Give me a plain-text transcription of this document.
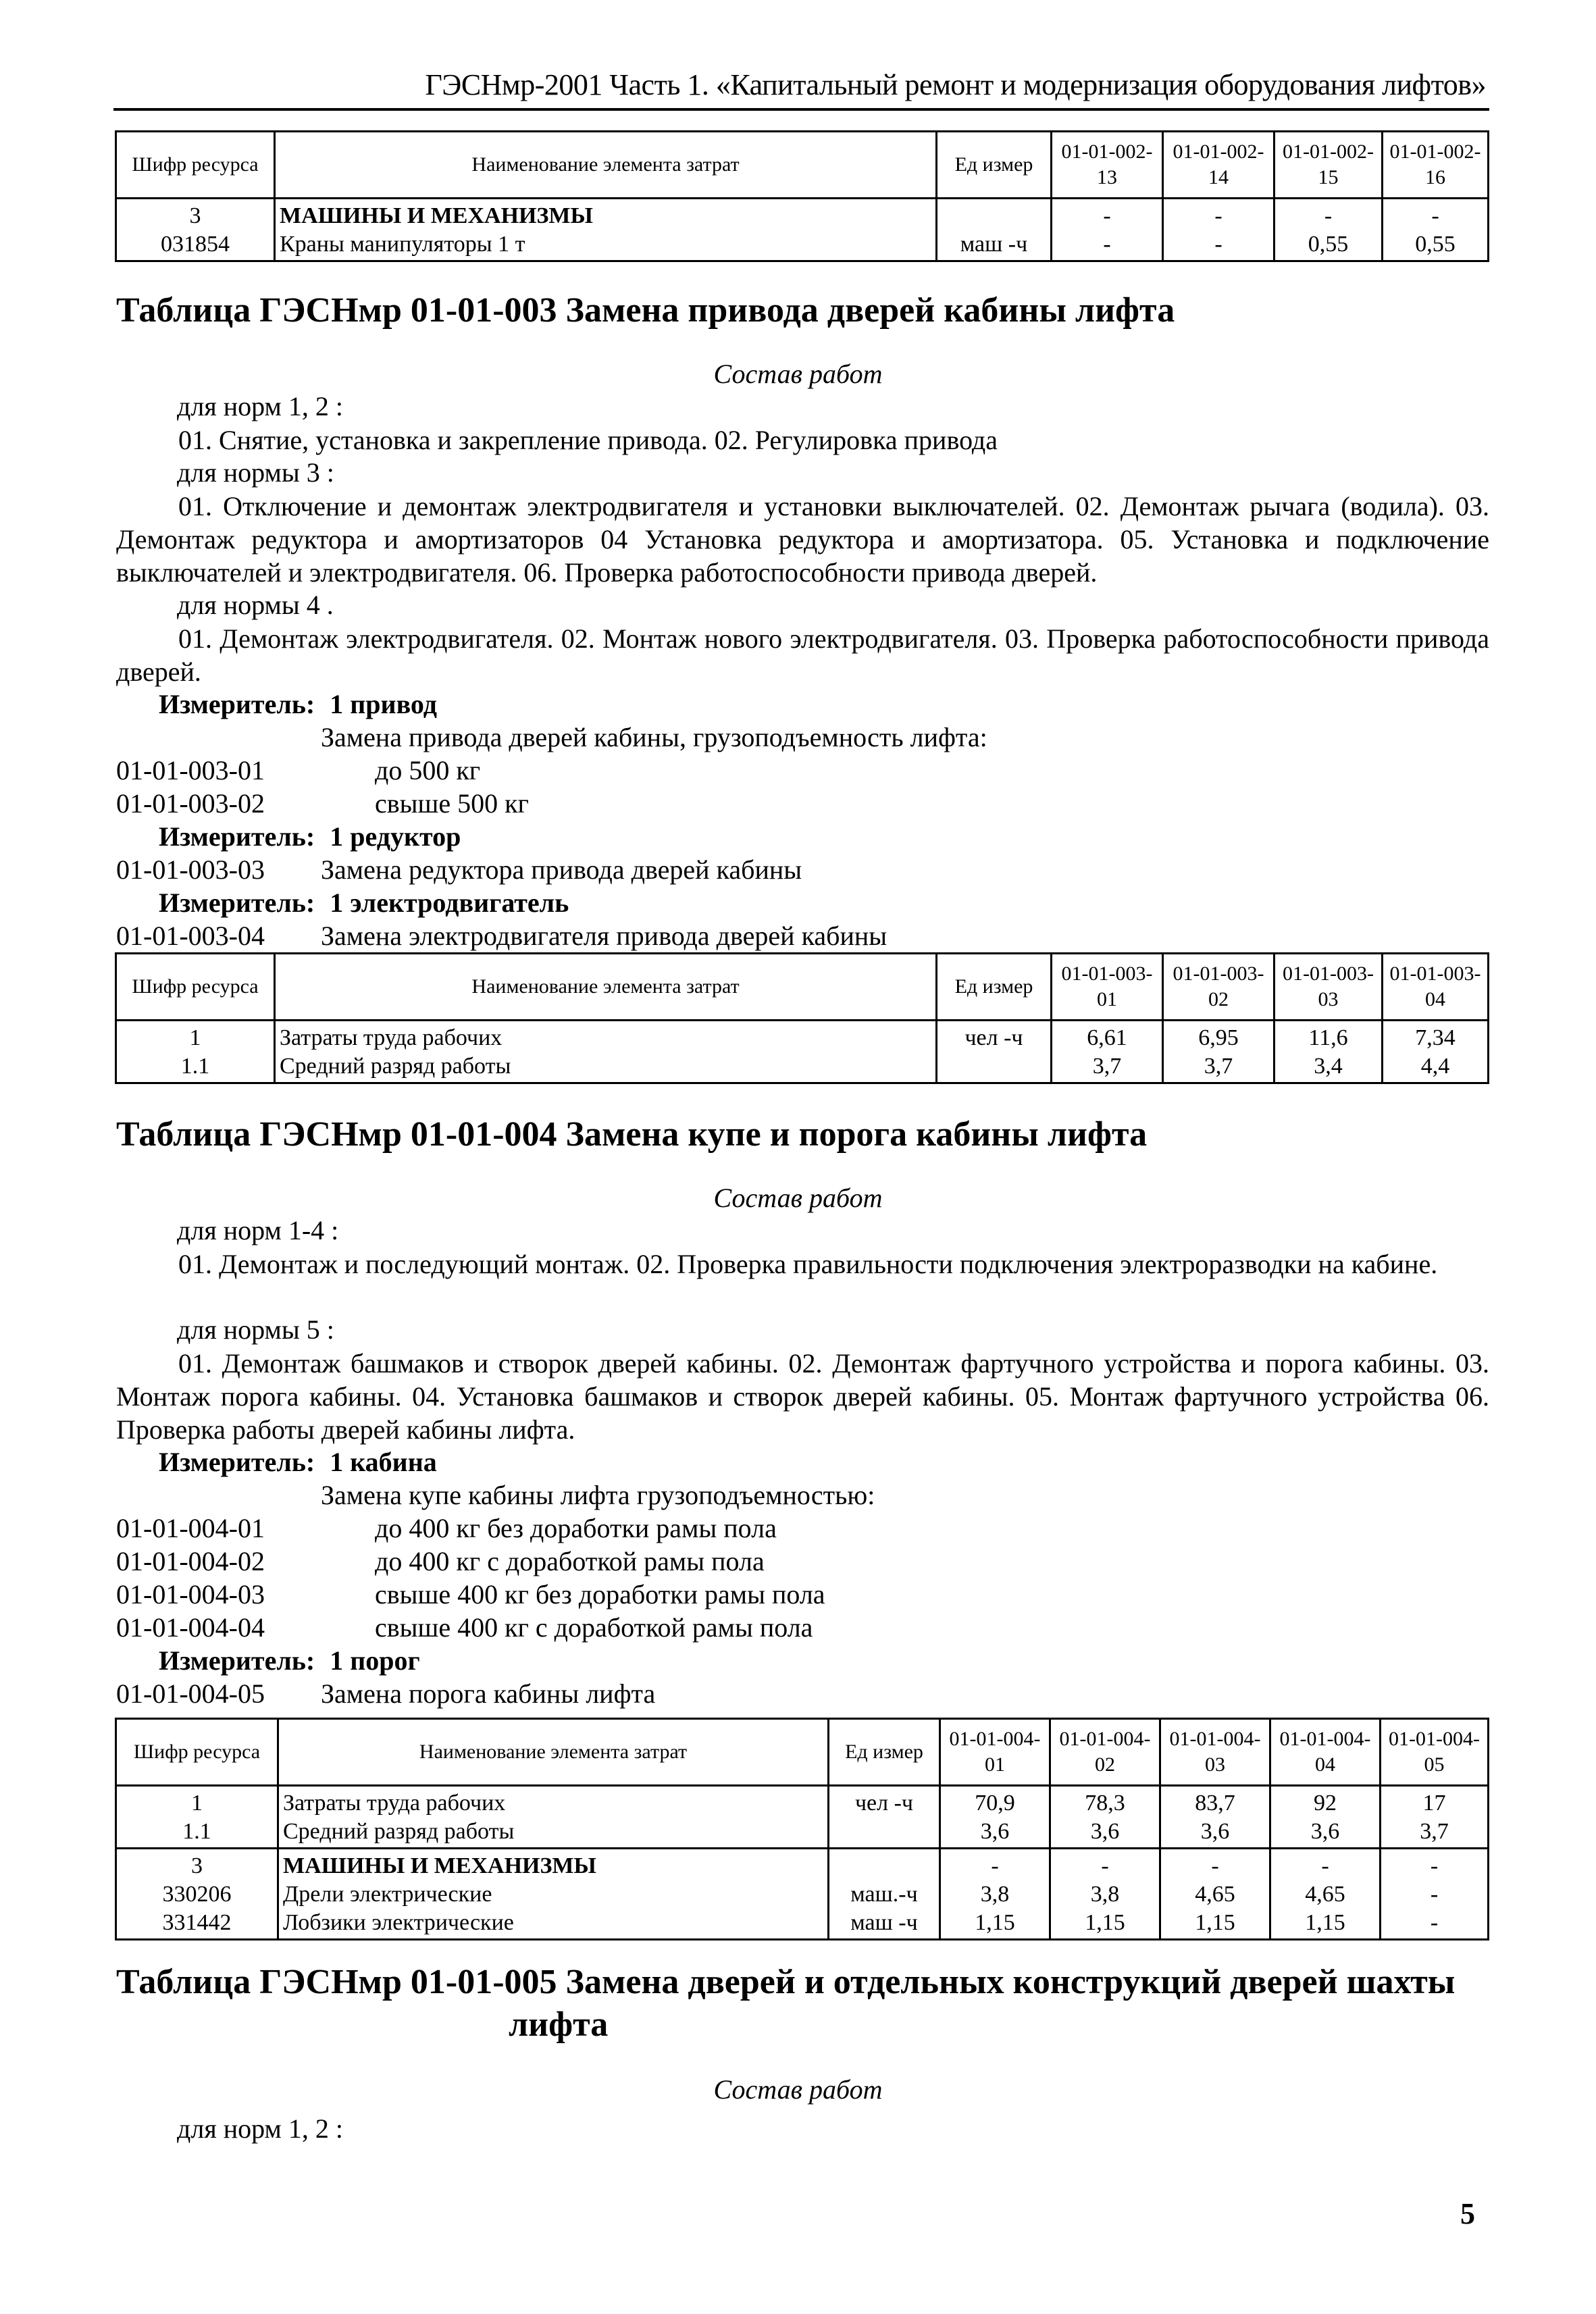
ГЭСНмр-2001 Часть 1. «Капитальный ремонт и модернизация оборудования лифтов»
Шифр ресурса	Наименование элемента затрат	Ед измер	01-01-002-13	01-01-002-14	01-01-002-15	01-01-002-16
3	МАШИНЫ И МЕХАНИЗМЫ		-	-	-	-
031854	Краны манипуляторы 1 т	маш -ч	-	-	0,55	0,55
Таблица ГЭСНмр 01-01-003 Замена привода дверей кабины лифта
Состав работ
для норм 1, 2 :
01. Снятие, установка и закрепление привода. 02. Регулировка привода
для нормы 3 :
01. Отключение и демонтаж электродвигателя и установки выключателей. 02. Демонтаж рычага (водила). 03. Демонтаж редуктора и амортизаторов 04 Установка редуктора и амортизатора. 05. Установка и подключение выключателей и электродвигателя. 06. Проверка работоспособности привода дверей.
для нормы 4 .
01. Демонтаж электродвигателя. 02. Монтаж нового электродвигателя. 03. Проверка работоспособности привода дверей.
Измеритель: 1 привод
Замена привода дверей кабины, грузоподъемность лифта:
01-01-003-01	до 500 кг
01-01-003-02	свыше 500 кг
Измеритель: 1 редуктор
01-01-003-03 Замена редуктора привода дверей кабины
Измеритель: 1 электродвигатель
01-01-003-04 Замена электродвигателя привода дверей кабины
Шифр ресурса	Наименование элемента затрат	Ед измер	01-01-003-01	01-01-003-02	01-01-003-03	01-01-003-04
1	Затраты труда рабочих	чел -ч	6,61	6,95	11,6	7,34
1.1	Средний разряд работы		3,7	3,7	3,4	4,4
Таблица ГЭСНмр 01-01-004 Замена купе и порога кабины лифта
Состав работ
для норм 1-4 :
01. Демонтаж и последующий монтаж. 02. Проверка правильности подключения электроразводки на кабине.
для нормы 5 :
01. Демонтаж башмаков и створок дверей кабины. 02. Демонтаж фартучного устройства и порога кабины. 03. Монтаж порога кабины. 04. Установка башмаков и створок дверей кабины. 05. Монтаж фартучного устройства 06. Проверка работы дверей кабины лифта.
Измеритель: 1 кабина
Замена купе кабины лифта грузоподъемностью:
01-01-004-01	до 400 кг без доработки рамы пола
01-01-004-02	до 400 кг с доработкой рамы пола
01-01-004-03	свыше 400 кг без доработки рамы пола
01-01-004-04	свыше 400 кг с доработкой рамы пола
Измеритель: 1 порог
01-01-004-05 Замена порога кабины лифта
Шифр ресурса	Наименование элемента затрат	Ед измер	01-01-004-01	01-01-004-02	01-01-004-03	01-01-004-04	01-01-004-05
1	Затраты труда рабочих	чел -ч	70,9	78,3	83,7	92	17
1.1	Средний разряд работы		3,6	3,6	3,6	3,6	3,7
3	МАШИНЫ И МЕХАНИЗМЫ		-	-	-	-	-
330206	Дрели электрические	маш.-ч	3,8	3,8	4,65	4,65	-
331442	Лобзики электрические	маш -ч	1,15	1,15	1,15	1,15	-
Таблица ГЭСНмр 01-01-005 Замена дверей и отдельных конструкций дверей шахты
лифта
Состав работ
для норм 1, 2 :
5
